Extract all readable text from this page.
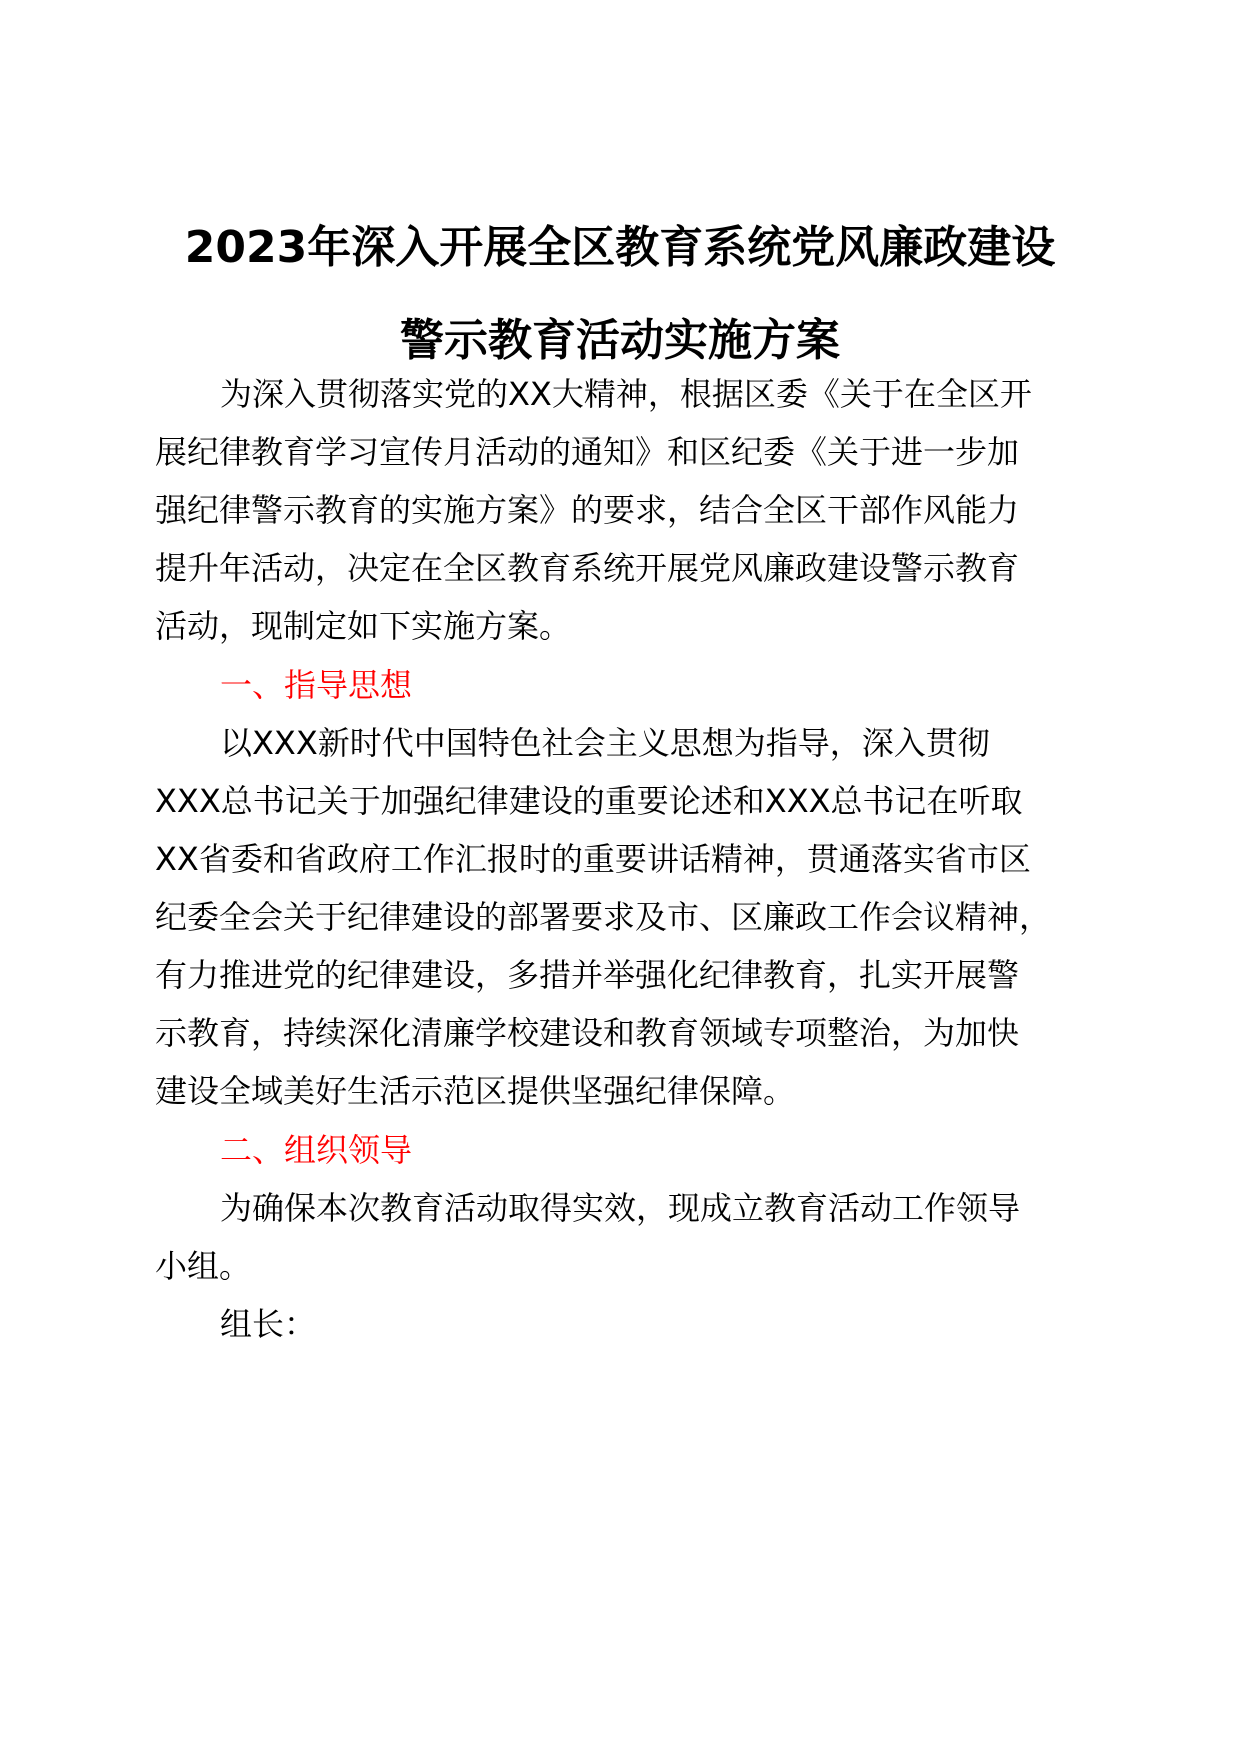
2023年深入开展全区教育系统党风廉政建设
警示教育活动实施方案

为深入贯彻落实党的XX大精神，根据区委《关于在全区开

展纪律教育学习宣传月活动的通知》和区纪委《关于进一步加

强纪律警示教育的实施方案》的要求，结合全区干部作风能力

提升年活动，决定在全区教育系统开展党风廉政建设警示教育

活动，现制定如下实施方案。

一、指导思想

以XXX新时代中国特色社会主义思想为指导，深入贯彻

XXX总书记关于加强纪律建设的重要论述和XXX总书记在听取

XX省委和省政府工作汇报时的重要讲话精神，贯通落实省市区

纪委全会关于纪律建设的部署要求及市、区廉政工作会议精神，

有力推进党的纪律建设，多措并举强化纪律教育，扎实开展警

示教育，持续深化清廉学校建设和教育领域专项整治，为加快

建设全域美好生活示范区提供坚强纪律保障。

二、组织领导

为确保本次教育活动取得实效，现成立教育活动工作领导

小组。

组长：
